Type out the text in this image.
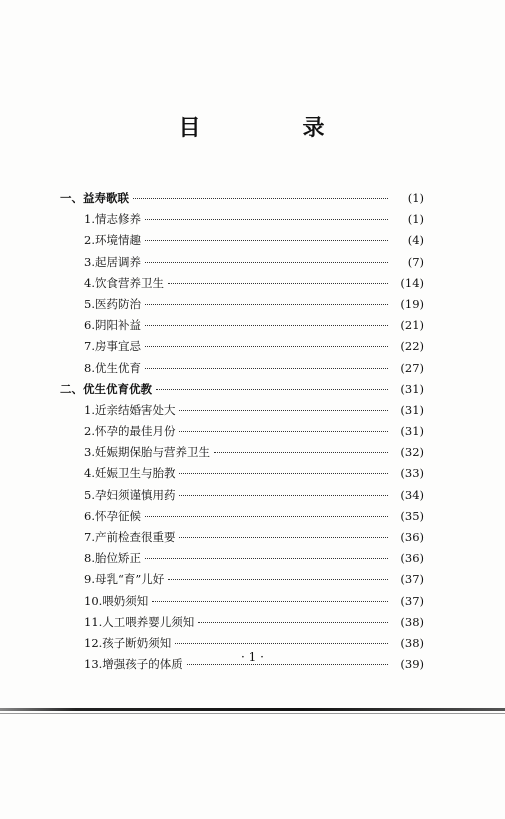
目　录
一、益寿歌联	(1)
1.情志修养	(1)
2.环境情趣	(4)
3.起居调养	(7)
4.饮食营养卫生	(14)
5.医药防治	(19)
6.阴阳补益	(21)
7.房事宜忌	(22)
8.优生优育	(27)
二、优生优育优教	(31)
1.近亲结婚害处大	(31)
2.怀孕的最佳月份	(31)
3.妊娠期保胎与营养卫生	(32)
4.妊娠卫生与胎教	(33)
5.孕妇须谨慎用药	(34)
6.怀孕征候	(35)
7.产前检查很重要	(36)
8.胎位矫正	(36)
9.母乳“育”儿好	(37)
10.喂奶须知	(37)
11.人工喂养婴儿须知	(38)
12.孩子断奶须知	(38)
13.增强孩子的体质	(39)
· 1 ·
